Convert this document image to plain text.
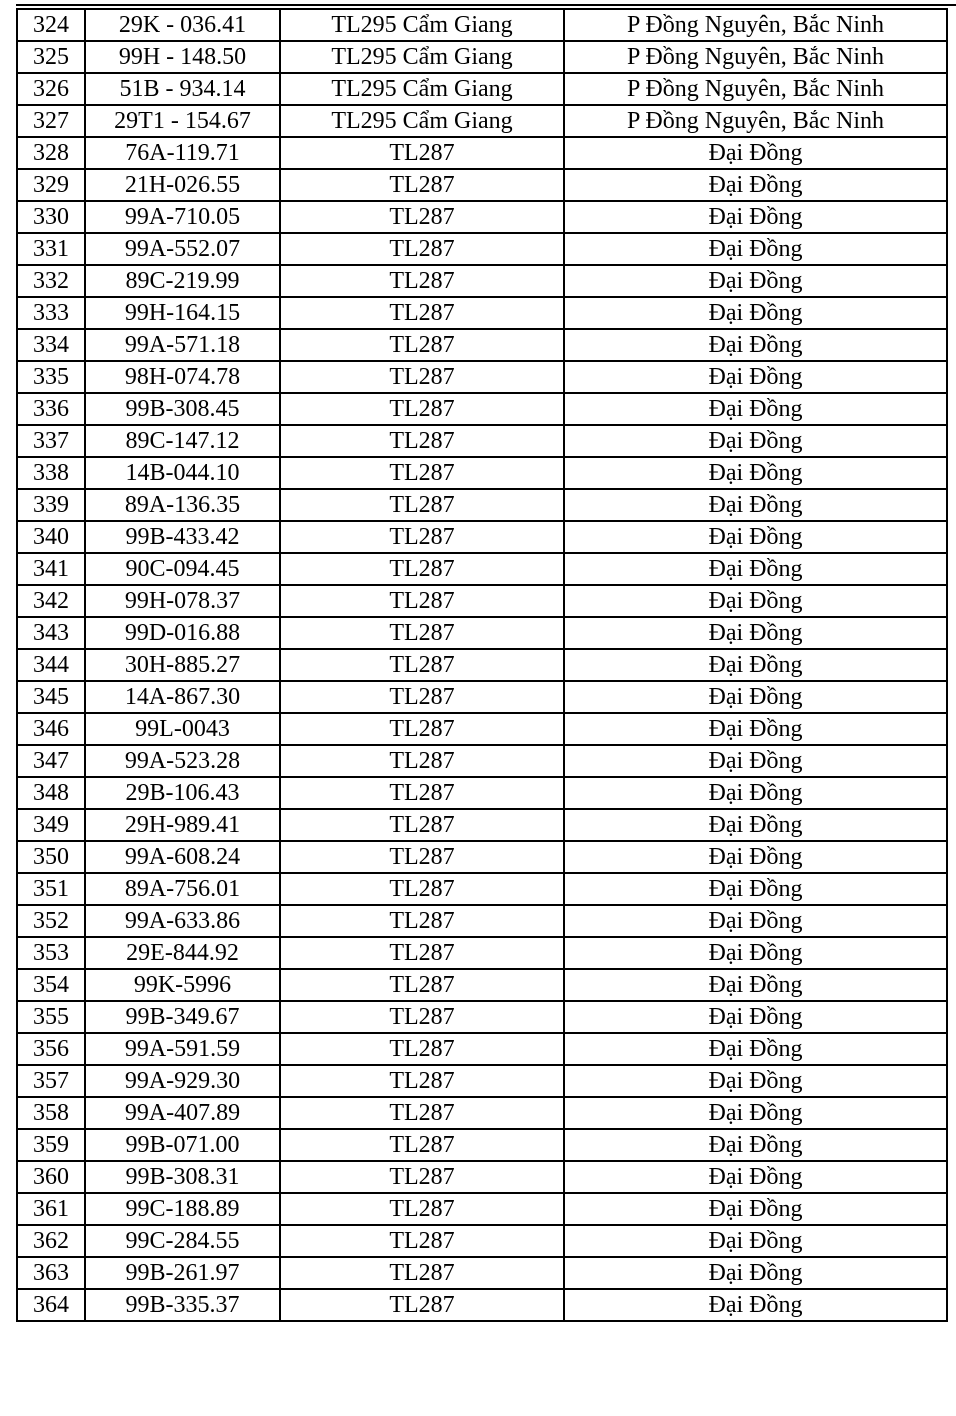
324	29K - 036.41	TL295 Cẩm Giang	P Đồng Nguyên, Bắc Ninh
325	99H - 148.50	TL295 Cẩm Giang	P Đồng Nguyên, Bắc Ninh
326	51B - 934.14	TL295 Cẩm Giang	P Đồng Nguyên, Bắc Ninh
327	29T1 - 154.67	TL295 Cẩm Giang	P Đồng Nguyên, Bắc Ninh
328	76A-119.71	TL287	Đại Đồng
329	21H-026.55	TL287	Đại Đồng
330	99A-710.05	TL287	Đại Đồng
331	99A-552.07	TL287	Đại Đồng
332	89C-219.99	TL287	Đại Đồng
333	99H-164.15	TL287	Đại Đồng
334	99A-571.18	TL287	Đại Đồng
335	98H-074.78	TL287	Đại Đồng
336	99B-308.45	TL287	Đại Đồng
337	89C-147.12	TL287	Đại Đồng
338	14B-044.10	TL287	Đại Đồng
339	89A-136.35	TL287	Đại Đồng
340	99B-433.42	TL287	Đại Đồng
341	90C-094.45	TL287	Đại Đồng
342	99H-078.37	TL287	Đại Đồng
343	99D-016.88	TL287	Đại Đồng
344	30H-885.27	TL287	Đại Đồng
345	14A-867.30	TL287	Đại Đồng
346	99L-0043	TL287	Đại Đồng
347	99A-523.28	TL287	Đại Đồng
348	29B-106.43	TL287	Đại Đồng
349	29H-989.41	TL287	Đại Đồng
350	99A-608.24	TL287	Đại Đồng
351	89A-756.01	TL287	Đại Đồng
352	99A-633.86	TL287	Đại Đồng
353	29E-844.92	TL287	Đại Đồng
354	99K-5996	TL287	Đại Đồng
355	99B-349.67	TL287	Đại Đồng
356	99A-591.59	TL287	Đại Đồng
357	99A-929.30	TL287	Đại Đồng
358	99A-407.89	TL287	Đại Đồng
359	99B-071.00	TL287	Đại Đồng
360	99B-308.31	TL287	Đại Đồng
361	99C-188.89	TL287	Đại Đồng
362	99C-284.55	TL287	Đại Đồng
363	99B-261.97	TL287	Đại Đồng
364	99B-335.37	TL287	Đại Đồng
